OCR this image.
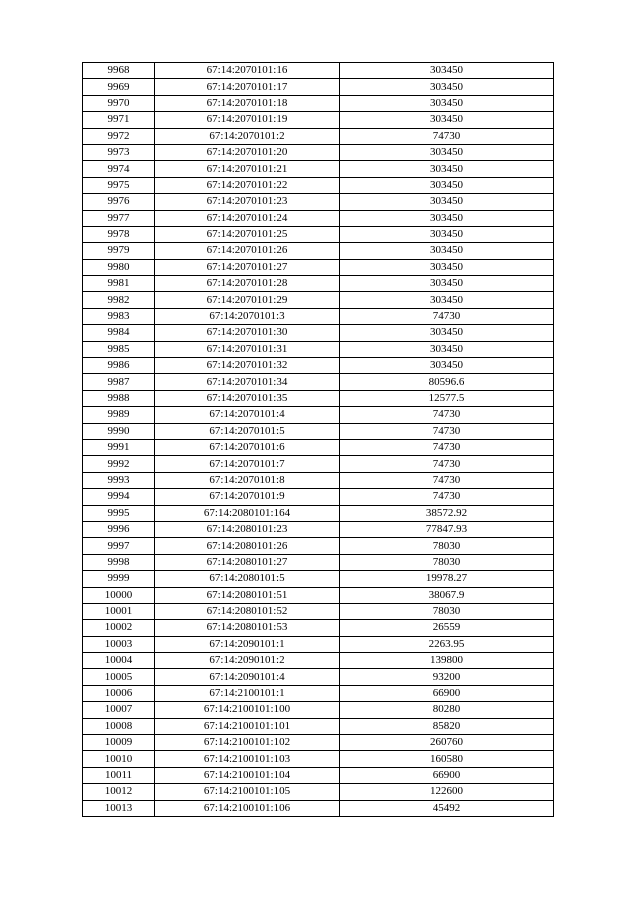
9968	67:14:2070101:16	303450
9969	67:14:2070101:17	303450
9970	67:14:2070101:18	303450
9971	67:14:2070101:19	303450
9972	67:14:2070101:2	74730
9973	67:14:2070101:20	303450
9974	67:14:2070101:21	303450
9975	67:14:2070101:22	303450
9976	67:14:2070101:23	303450
9977	67:14:2070101:24	303450
9978	67:14:2070101:25	303450
9979	67:14:2070101:26	303450
9980	67:14:2070101:27	303450
9981	67:14:2070101:28	303450
9982	67:14:2070101:29	303450
9983	67:14:2070101:3	74730
9984	67:14:2070101:30	303450
9985	67:14:2070101:31	303450
9986	67:14:2070101:32	303450
9987	67:14:2070101:34	80596.6
9988	67:14:2070101:35	12577.5
9989	67:14:2070101:4	74730
9990	67:14:2070101:5	74730
9991	67:14:2070101:6	74730
9992	67:14:2070101:7	74730
9993	67:14:2070101:8	74730
9994	67:14:2070101:9	74730
9995	67:14:2080101:164	38572.92
9996	67:14:2080101:23	77847.93
9997	67:14:2080101:26	78030
9998	67:14:2080101:27	78030
9999	67:14:2080101:5	19978.27
10000	67:14:2080101:51	38067.9
10001	67:14:2080101:52	78030
10002	67:14:2080101:53	26559
10003	67:14:2090101:1	2263.95
10004	67:14:2090101:2	139800
10005	67:14:2090101:4	93200
10006	67:14:2100101:1	66900
10007	67:14:2100101:100	80280
10008	67:14:2100101:101	85820
10009	67:14:2100101:102	260760
10010	67:14:2100101:103	160580
10011	67:14:2100101:104	66900
10012	67:14:2100101:105	122600
10013	67:14:2100101:106	45492
